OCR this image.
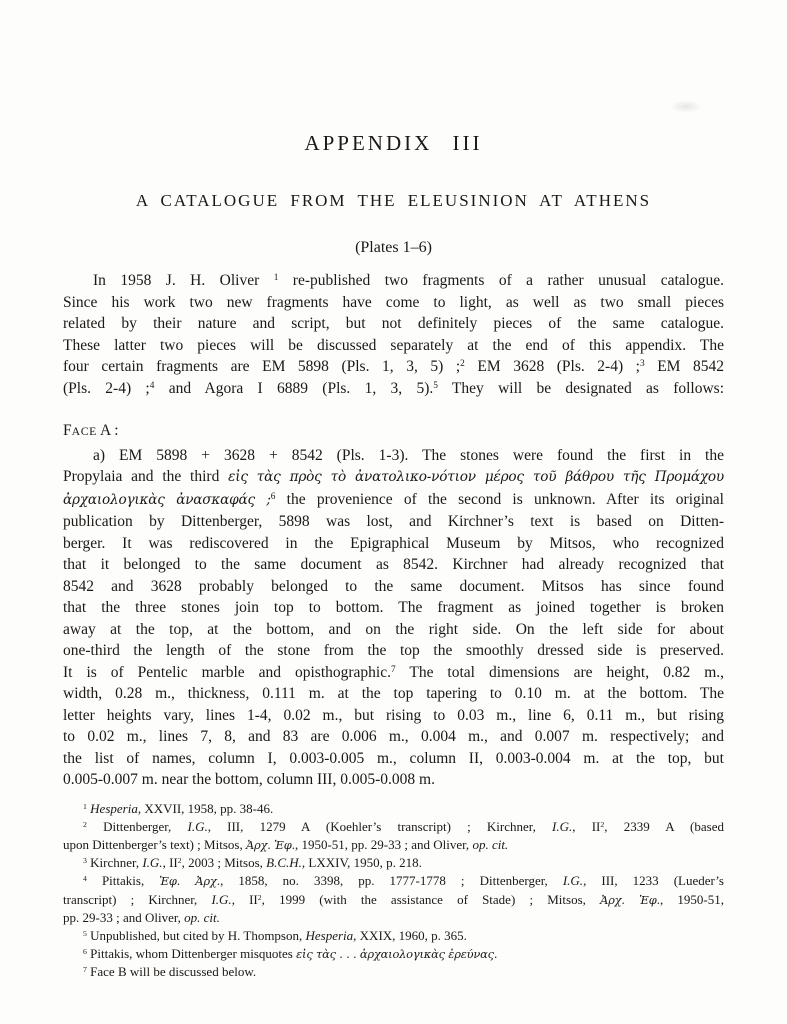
APPENDIX III
A CATALOGUE FROM THE ELEUSINION AT ATHENS
(Plates 1–6)
In 1958 J. H. Oliver $^1$ re-published two fragments of a rather unusual catalogue.
Since his work two new fragments have come to light, as well as two small pieces
related by their nature and script, but not definitely pieces of the same catalogue.
These latter two pieces will be discussed separately at the end of this appendix. The
four certain fragments are EM 5898 (Pls. 1, 3, 5) ;$^2$ EM 3628 (Pls. 2-4) ;$^3$ EM 8542
(Pls. 2-4) ;$^4$ and Agora I 6889 (Pls. 1, 3, 5).$^5$ They will be designated as follows:
FACE A :
a) EM 5898 + 3628 + 8542 (Pls. 1-3). The stones were found the first in the
Propylaia and the third εἰς τὰς πρὸς τὸ ἀνατολικο-νότιον μέρος τοῦ βάθρου τῆς Προμάχου
ἀρχαιολογικὰς ἀνασκαφάς ;$^6$ the provenience of the second is unknown. After its original
publication by Dittenberger, 5898 was lost, and Kirchner’s text is based on Ditten-
berger. It was rediscovered in the Epigraphical Museum by Mitsos, who recognized
that it belonged to the same document as 8542. Kirchner had already recognized that
8542 and 3628 probably belonged to the same document. Mitsos has since found
that the three stones join top to bottom. The fragment as joined together is broken
away at the top, at the bottom, and on the right side. On the left side for about
one-third the length of the stone from the top the smoothly dressed side is preserved.
It is of Pentelic marble and opisthographic.$^7$ The total dimensions are height, 0.82 m.,
width, 0.28 m., thickness, 0.111 m. at the top tapering to 0.10 m. at the bottom. The
letter heights vary, lines 1-4, 0.02 m., but rising to 0.03 m., line 6, 0.11 m., but rising
to 0.02 m., lines 7, 8, and 83 are 0.006 m., 0.004 m., and 0.007 m. respectively; and
the list of names, column I, 0.003-0.005 m., column II, 0.003-0.004 m. at the top, but
0.005-0.007 m. near the bottom, column III, 0.005-0.008 m.
$^1$ Hesperia, XXVII, 1958, pp. 38-46.
$^2$ Dittenberger, I.G., III, 1279 A (Koehler’s transcript) ; Kirchner, I.G., $II^2$, 2339 A (based
upon Dittenberger’s text) ; Mitsos, Ἀρχ. Ἐφ., 1950-51, pp. 29-33 ; and Oliver, op. cit.
$^3$ Kirchner, I.G., $II^2$, 2003 ; Mitsos, B.C.H., LXXIV, 1950, p. 218.
$^4$ Pittakis, Ἐφ. Ἀρχ., 1858, no. 3398, pp. 1777-1778 ; Dittenberger, I.G., III, 1233 (Lueder’s
transcript) ; Kirchner, I.G., $II^2$, 1999 (with the assistance of Stade) ; Mitsos, Ἀρχ. Ἐφ., 1950-51,
pp. 29-33 ; and Oliver, op. cit.
$^5$ Unpublished, but cited by H. Thompson, Hesperia, XXIX, 1960, p. 365.
$^6$ Pittakis, whom Dittenberger misquotes εἰς τὰς . . . ἀρχαιολογικὰς ἐρεύνας.
$^7$ Face B will be discussed below.
